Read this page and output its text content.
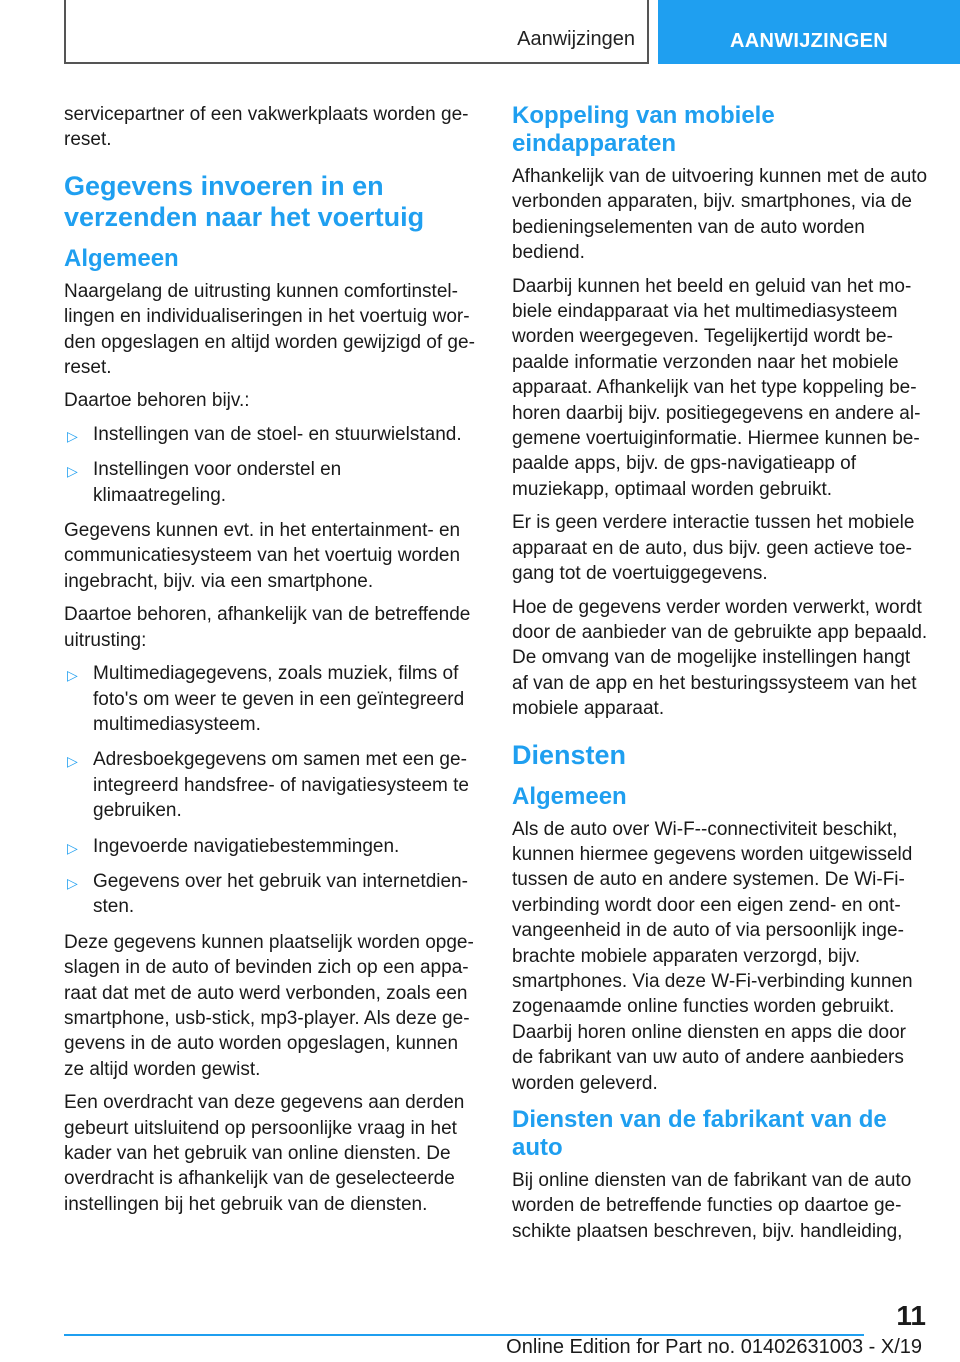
Aanwijzingen	AANWIJZINGEN

servicepartner of een vakwerkplaats worden gereset.

Gegevens invoeren in en verzenden naar het voertuig
Algemeen

Naargelang de uitrusting kunnen comfortinstellingen en individualiseringen in het voertuig worden opgeslagen en altijd worden gewijzigd of gereset.

Daartoe behoren bijv.:

▷ Instellingen van de stoel- en stuurwielstand.
▷ Instellingen voor onderstel en klimaatregeling.

Gegevens kunnen evt. in het entertainment- en communicatiesysteem van het voertuig worden ingebracht, bijv. via een smartphone.

Daartoe behoren, afhankelijk van de betreffende uitrusting:

▷ Multimediagegevens, zoals muziek, films of foto's om weer te geven in een geïntegreerd multimediasysteem.
▷ Adresboekgegevens om samen met een geintegreerd handsfree- of navigatiesysteem te gebruiken.
▷ Ingevoerde navigatiebestemmingen.
▷ Gegevens over het gebruik van internetdiensten.

Deze gegevens kunnen plaatselijk worden opgeslagen in de auto of bevinden zich op een apparaat dat met de auto werd verbonden, zoals een smartphone, usb-stick, mp3-player. Als deze gegevens in de auto worden opgeslagen, kunnen ze altijd worden gewist.

Een overdracht van deze gegevens aan derden gebeurt uitsluitend op persoonlijke vraag in het kader van het gebruik van online diensten. De overdracht is afhankelijk van de geselecteerde instellingen bij het gebruik van de diensten.

Koppeling van mobiele eindapparaten

Afhankelijk van de uitvoering kunnen met de auto verbonden apparaten, bijv. smartphones, via de bedieningselementen van de auto worden bediend.

Daarbij kunnen het beeld en geluid van het mobiele eindapparaat via het multimediasysteem worden weergegeven. Tegelijkertijd wordt bepaalde informatie verzonden naar het mobiele apparaat. Afhankelijk van het type koppeling behoren daarbij bijv. positiegegevens en andere algemene voertuiginformatie. Hiermee kunnen bepaalde apps, bijv. de gps-navigatieapp of muziekapp, optimaal worden gebruikt.

Er is geen verdere interactie tussen het mobiele apparaat en de auto, dus bijv. geen actieve toegang tot de voertuiggegevens.

Hoe de gegevens verder worden verwerkt, wordt door de aanbieder van de gebruikte app bepaald. De omvang van de mogelijke instellingen hangt af van de app en het besturingssysteem van het mobiele apparaat.

Diensten
Algemeen

Als de auto over Wi-F--connectiviteit beschikt, kunnen hiermee gegevens worden uitgewisseld tussen de auto en andere systemen. De Wi-Fi-verbinding wordt door een eigen zend- en ontvangeenheid in de auto of via persoonlijk ingebrachte mobiele apparaten verzorgd, bijv. smartphones. Via deze W-Fi-verbinding kunnen zogenaamde online functies worden gebruikt. Daarbij horen online diensten en apps die door de fabrikant van uw auto of andere aanbieders worden geleverd.

Diensten van de fabrikant van de auto

Bij online diensten van de fabrikant van de auto worden de betreffende functies op daartoe geschikte plaatsen beschreven, bijv. handleiding,

11
Online Edition for Part no. 01402631003 - X/19
